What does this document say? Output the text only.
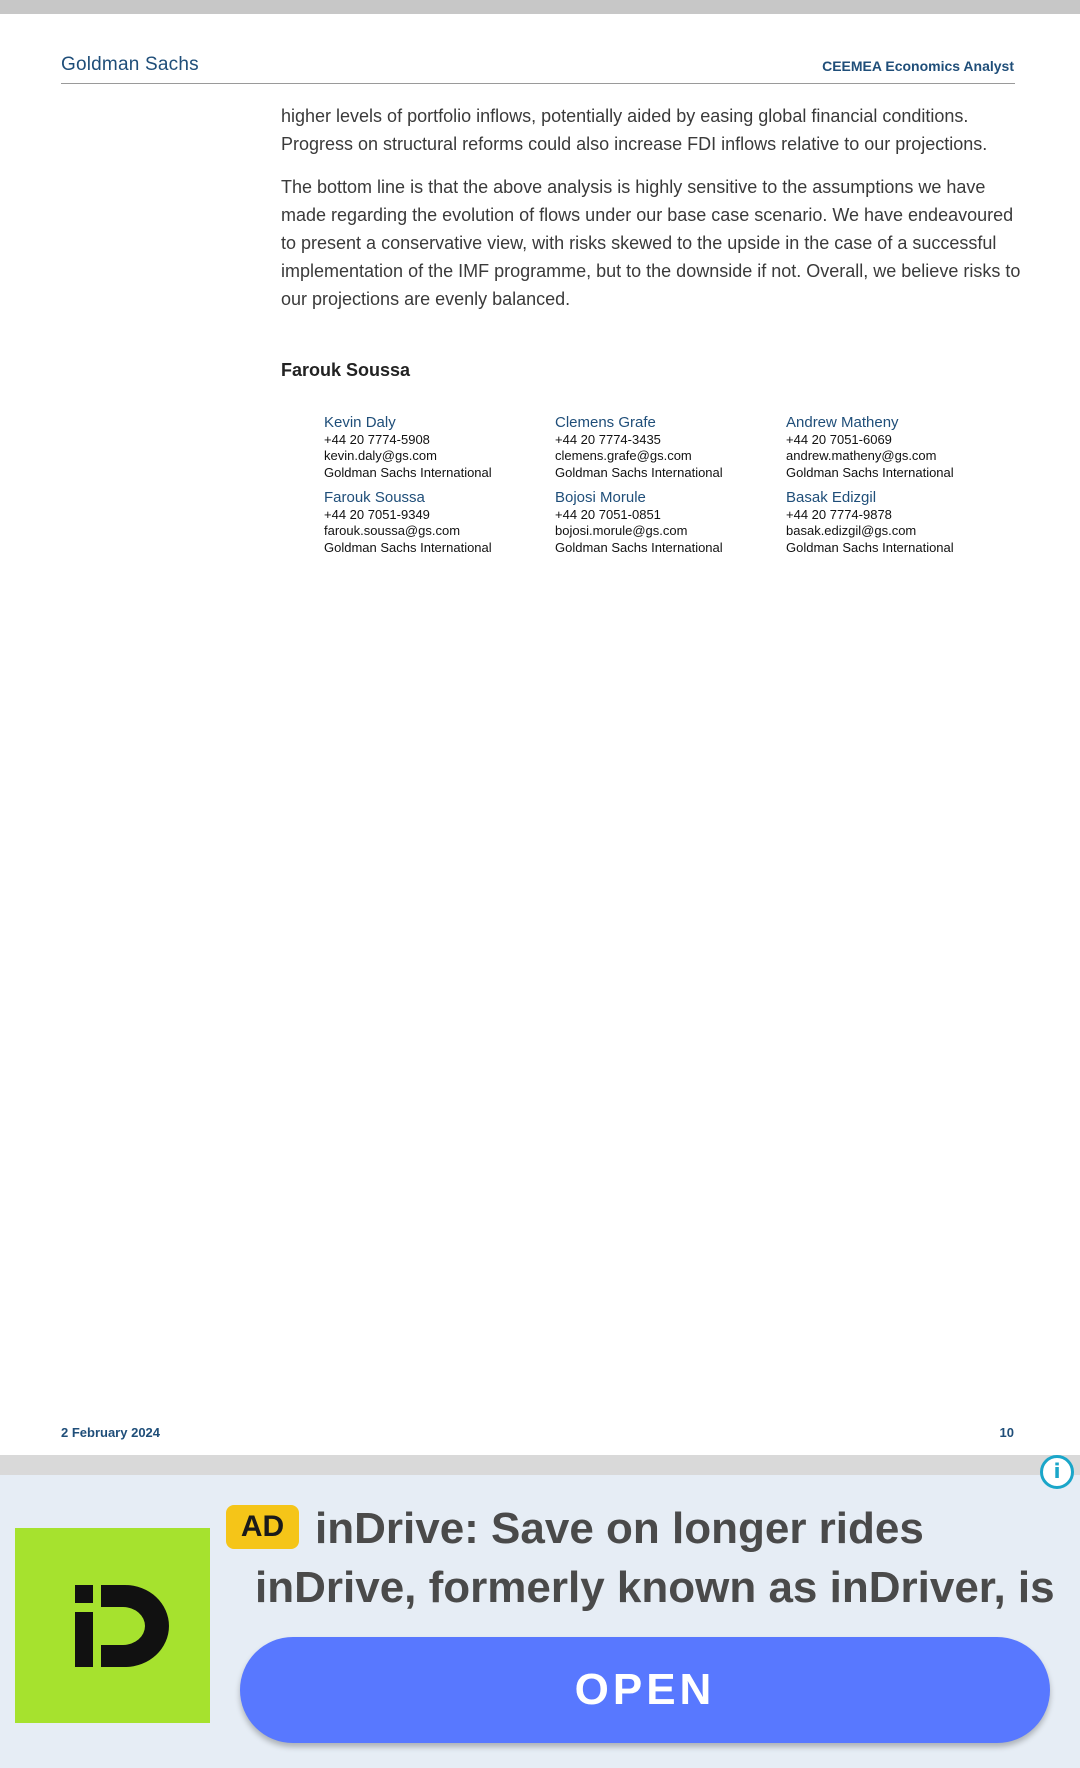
Goldman Sachs	CEEMEA Economics Analyst

higher levels of portfolio inflows, potentially aided by easing global financial conditions. Progress on structural reforms could also increase FDI inflows relative to our projections.

The bottom line is that the above analysis is highly sensitive to the assumptions we have made regarding the evolution of flows under our base case scenario. We have endeavoured to present a conservative view, with risks skewed to the upside in the case of a successful implementation of the IMF programme, but to the downside if not. Overall, we believe risks to our projections are evenly balanced.

Farouk Soussa
Kevin Daly
+44 20 7774-5908
kevin.daly@gs.com
Goldman Sachs International
Clemens Grafe
+44 20 7774-3435
clemens.grafe@gs.com
Goldman Sachs International
Andrew Matheny
+44 20 7051-6069
andrew.matheny@gs.com
Goldman Sachs International
Farouk Soussa
+44 20 7051-9349
farouk.soussa@gs.com
Goldman Sachs International
Bojosi Morule
+44 20 7051-0851
bojosi.morule@gs.com
Goldman Sachs International
Basak Edizgil
+44 20 7774-9878
basak.edizgil@gs.com
Goldman Sachs International
2 February 2024	10
i
AD inDrive: Save on longer rides
inDrive, formerly known as inDriver, is
OPEN
